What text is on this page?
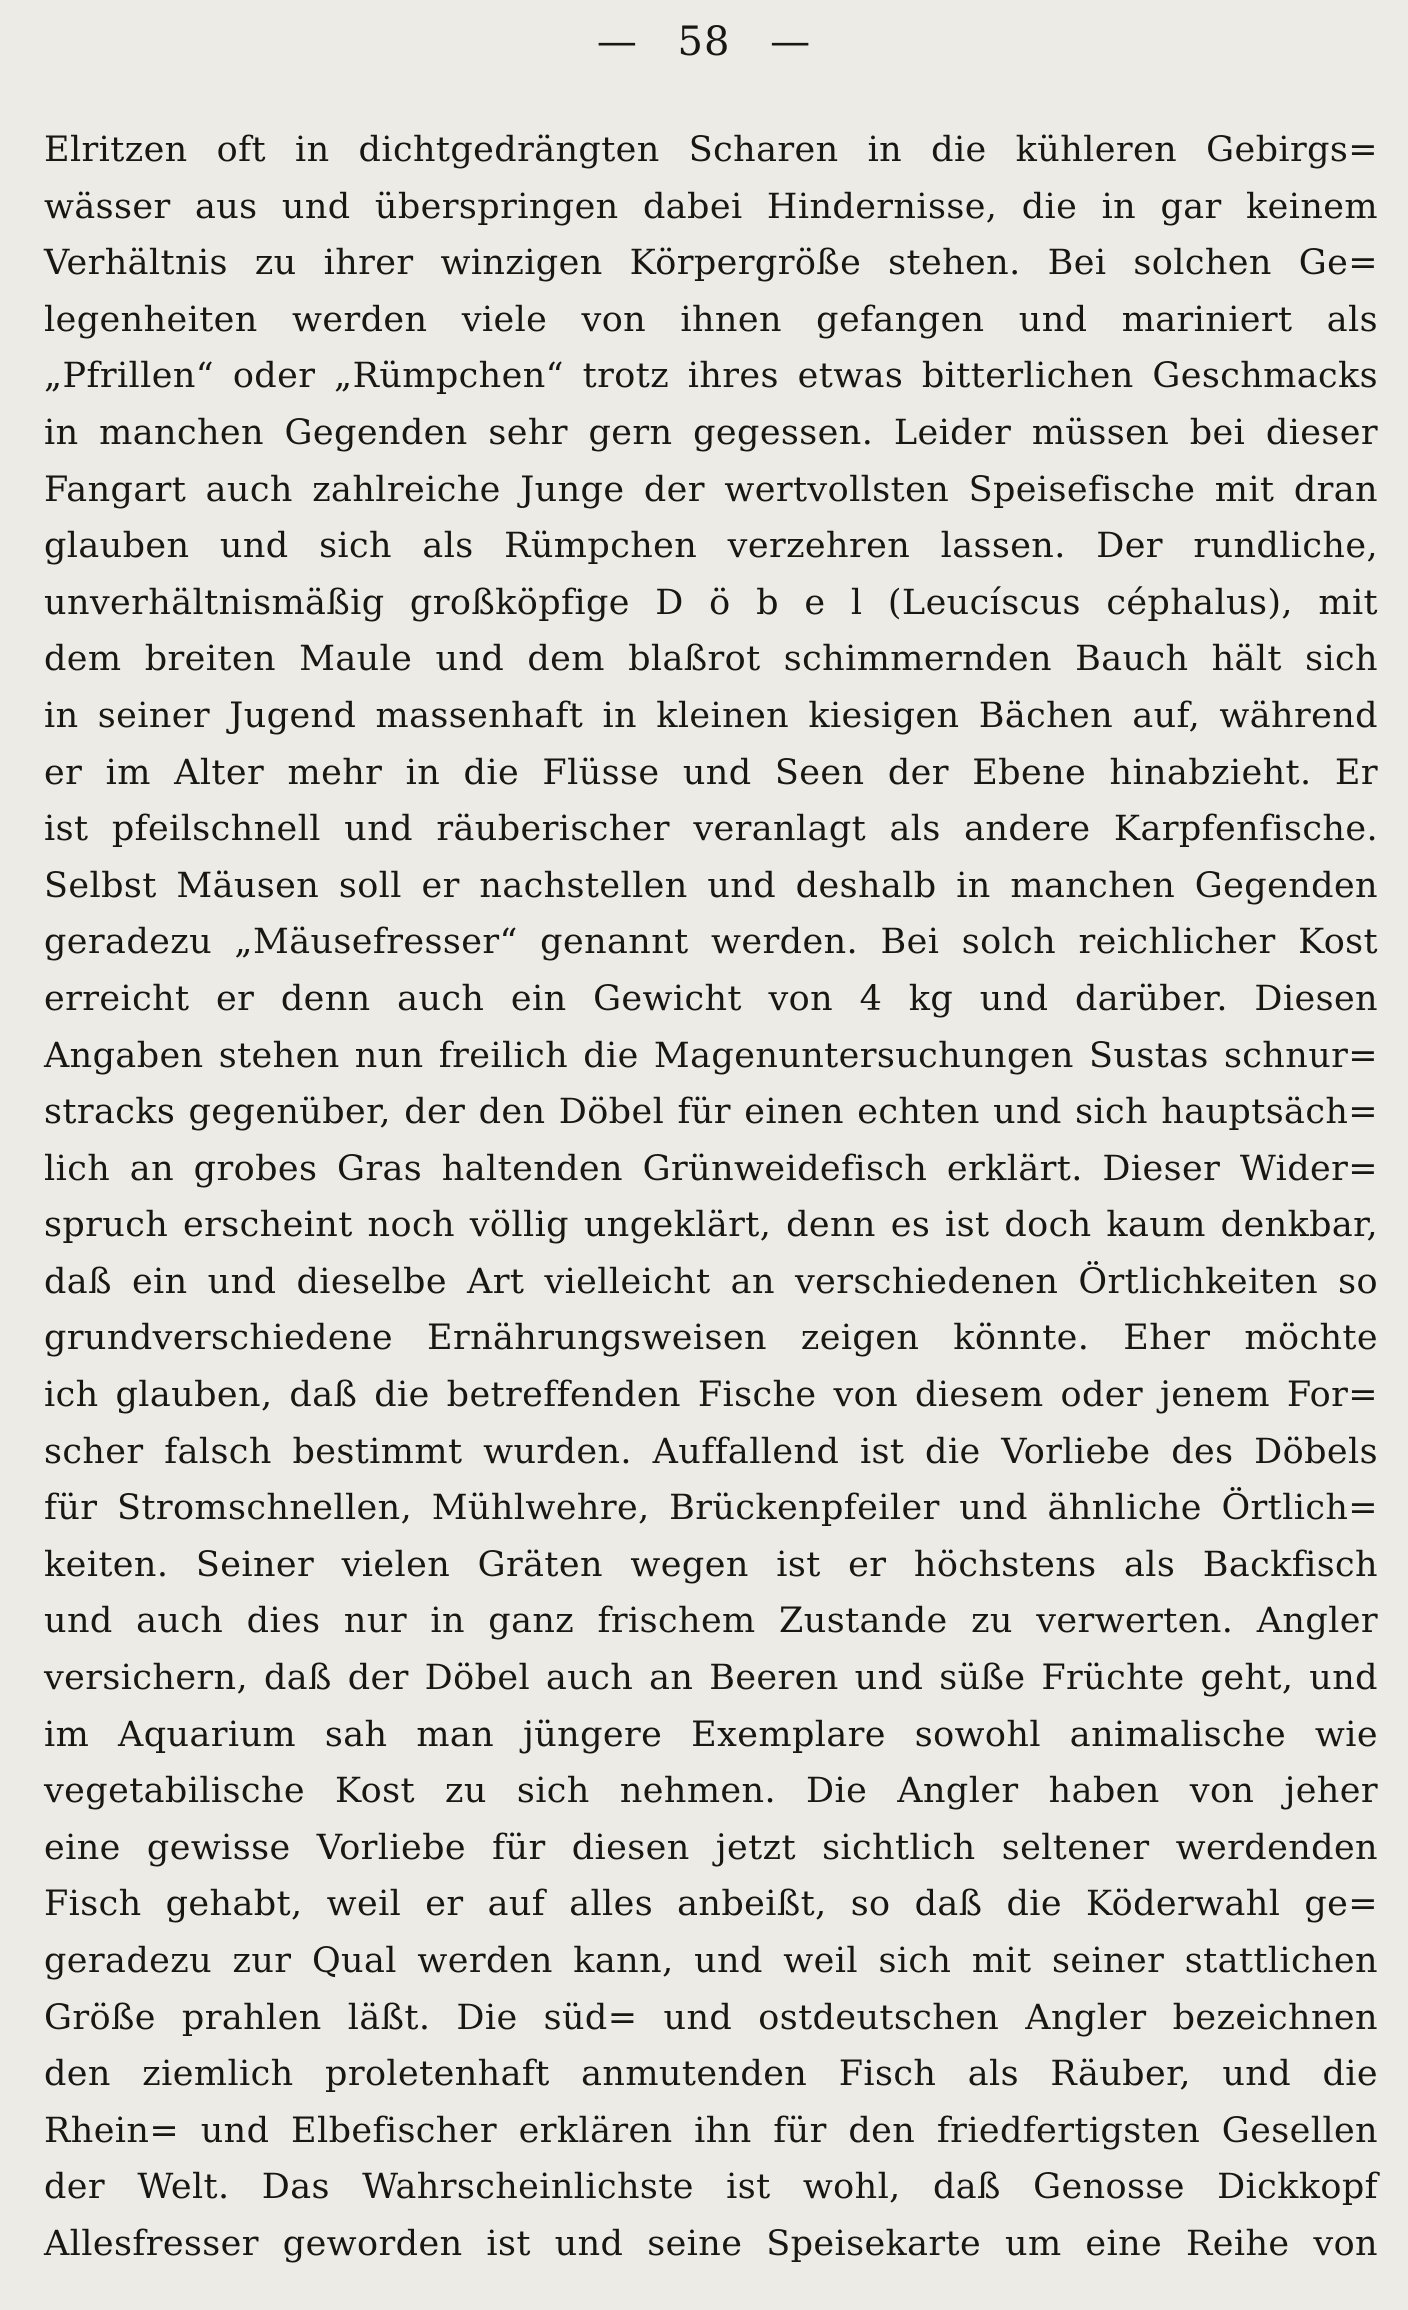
— 58 —
Elritzen oft in dichtgedrängten Scharen in die kühleren Gebirgs=
wässer aus und überspringen dabei Hindernisse, die in gar keinem
Verhältnis zu ihrer winzigen Körpergröße stehen. Bei solchen Ge=
legenheiten werden viele von ihnen gefangen und mariniert als
„Pfrillen“ oder „Rümpchen“ trotz ihres etwas bitterlichen Geschmacks
in manchen Gegenden sehr gern gegessen. Leider müssen bei dieser
Fangart auch zahlreiche Junge der wertvollsten Speisefische mit dran
glauben und sich als Rümpchen verzehren lassen. Der rundliche,
unverhältnismäßig großköpfige D ö b e l (Leucíscus céphalus), mit
dem breiten Maule und dem blaßrot schimmernden Bauch hält sich
in seiner Jugend massenhaft in kleinen kiesigen Bächen auf, während
er im Alter mehr in die Flüsse und Seen der Ebene hinabzieht. Er
ist pfeilschnell und räuberischer veranlagt als andere Karpfenfische.
Selbst Mäusen soll er nachstellen und deshalb in manchen Gegenden
geradezu „Mäusefresser“ genannt werden. Bei solch reichlicher Kost
erreicht er denn auch ein Gewicht von 4 kg und darüber. Diesen
Angaben stehen nun freilich die Magenuntersuchungen Sustas schnur=
stracks gegenüber, der den Döbel für einen echten und sich hauptsäch=
lich an grobes Gras haltenden Grünweidefisch erklärt. Dieser Wider=
spruch erscheint noch völlig ungeklärt, denn es ist doch kaum denkbar,
daß ein und dieselbe Art vielleicht an verschiedenen Örtlichkeiten so
grundverschiedene Ernährungsweisen zeigen könnte. Eher möchte
ich glauben, daß die betreffenden Fische von diesem oder jenem For=
scher falsch bestimmt wurden. Auffallend ist die Vorliebe des Döbels
für Stromschnellen, Mühlwehre, Brückenpfeiler und ähnliche Örtlich=
keiten. Seiner vielen Gräten wegen ist er höchstens als Backfisch
und auch dies nur in ganz frischem Zustande zu verwerten. Angler
versichern, daß der Döbel auch an Beeren und süße Früchte geht, und
im Aquarium sah man jüngere Exemplare sowohl animalische wie
vegetabilische Kost zu sich nehmen. Die Angler haben von jeher
eine gewisse Vorliebe für diesen jetzt sichtlich seltener werdenden
Fisch gehabt, weil er auf alles anbeißt, so daß die Köderwahl ge=
geradezu zur Qual werden kann, und weil sich mit seiner stattlichen
Größe prahlen läßt. Die süd= und ostdeutschen Angler bezeichnen
den ziemlich proletenhaft anmutenden Fisch als Räuber, und die
Rhein= und Elbefischer erklären ihn für den friedfertigsten Gesellen
der Welt. Das Wahrscheinlichste ist wohl, daß Genosse Dickkopf
Allesfresser geworden ist und seine Speisekarte um eine Reihe von
